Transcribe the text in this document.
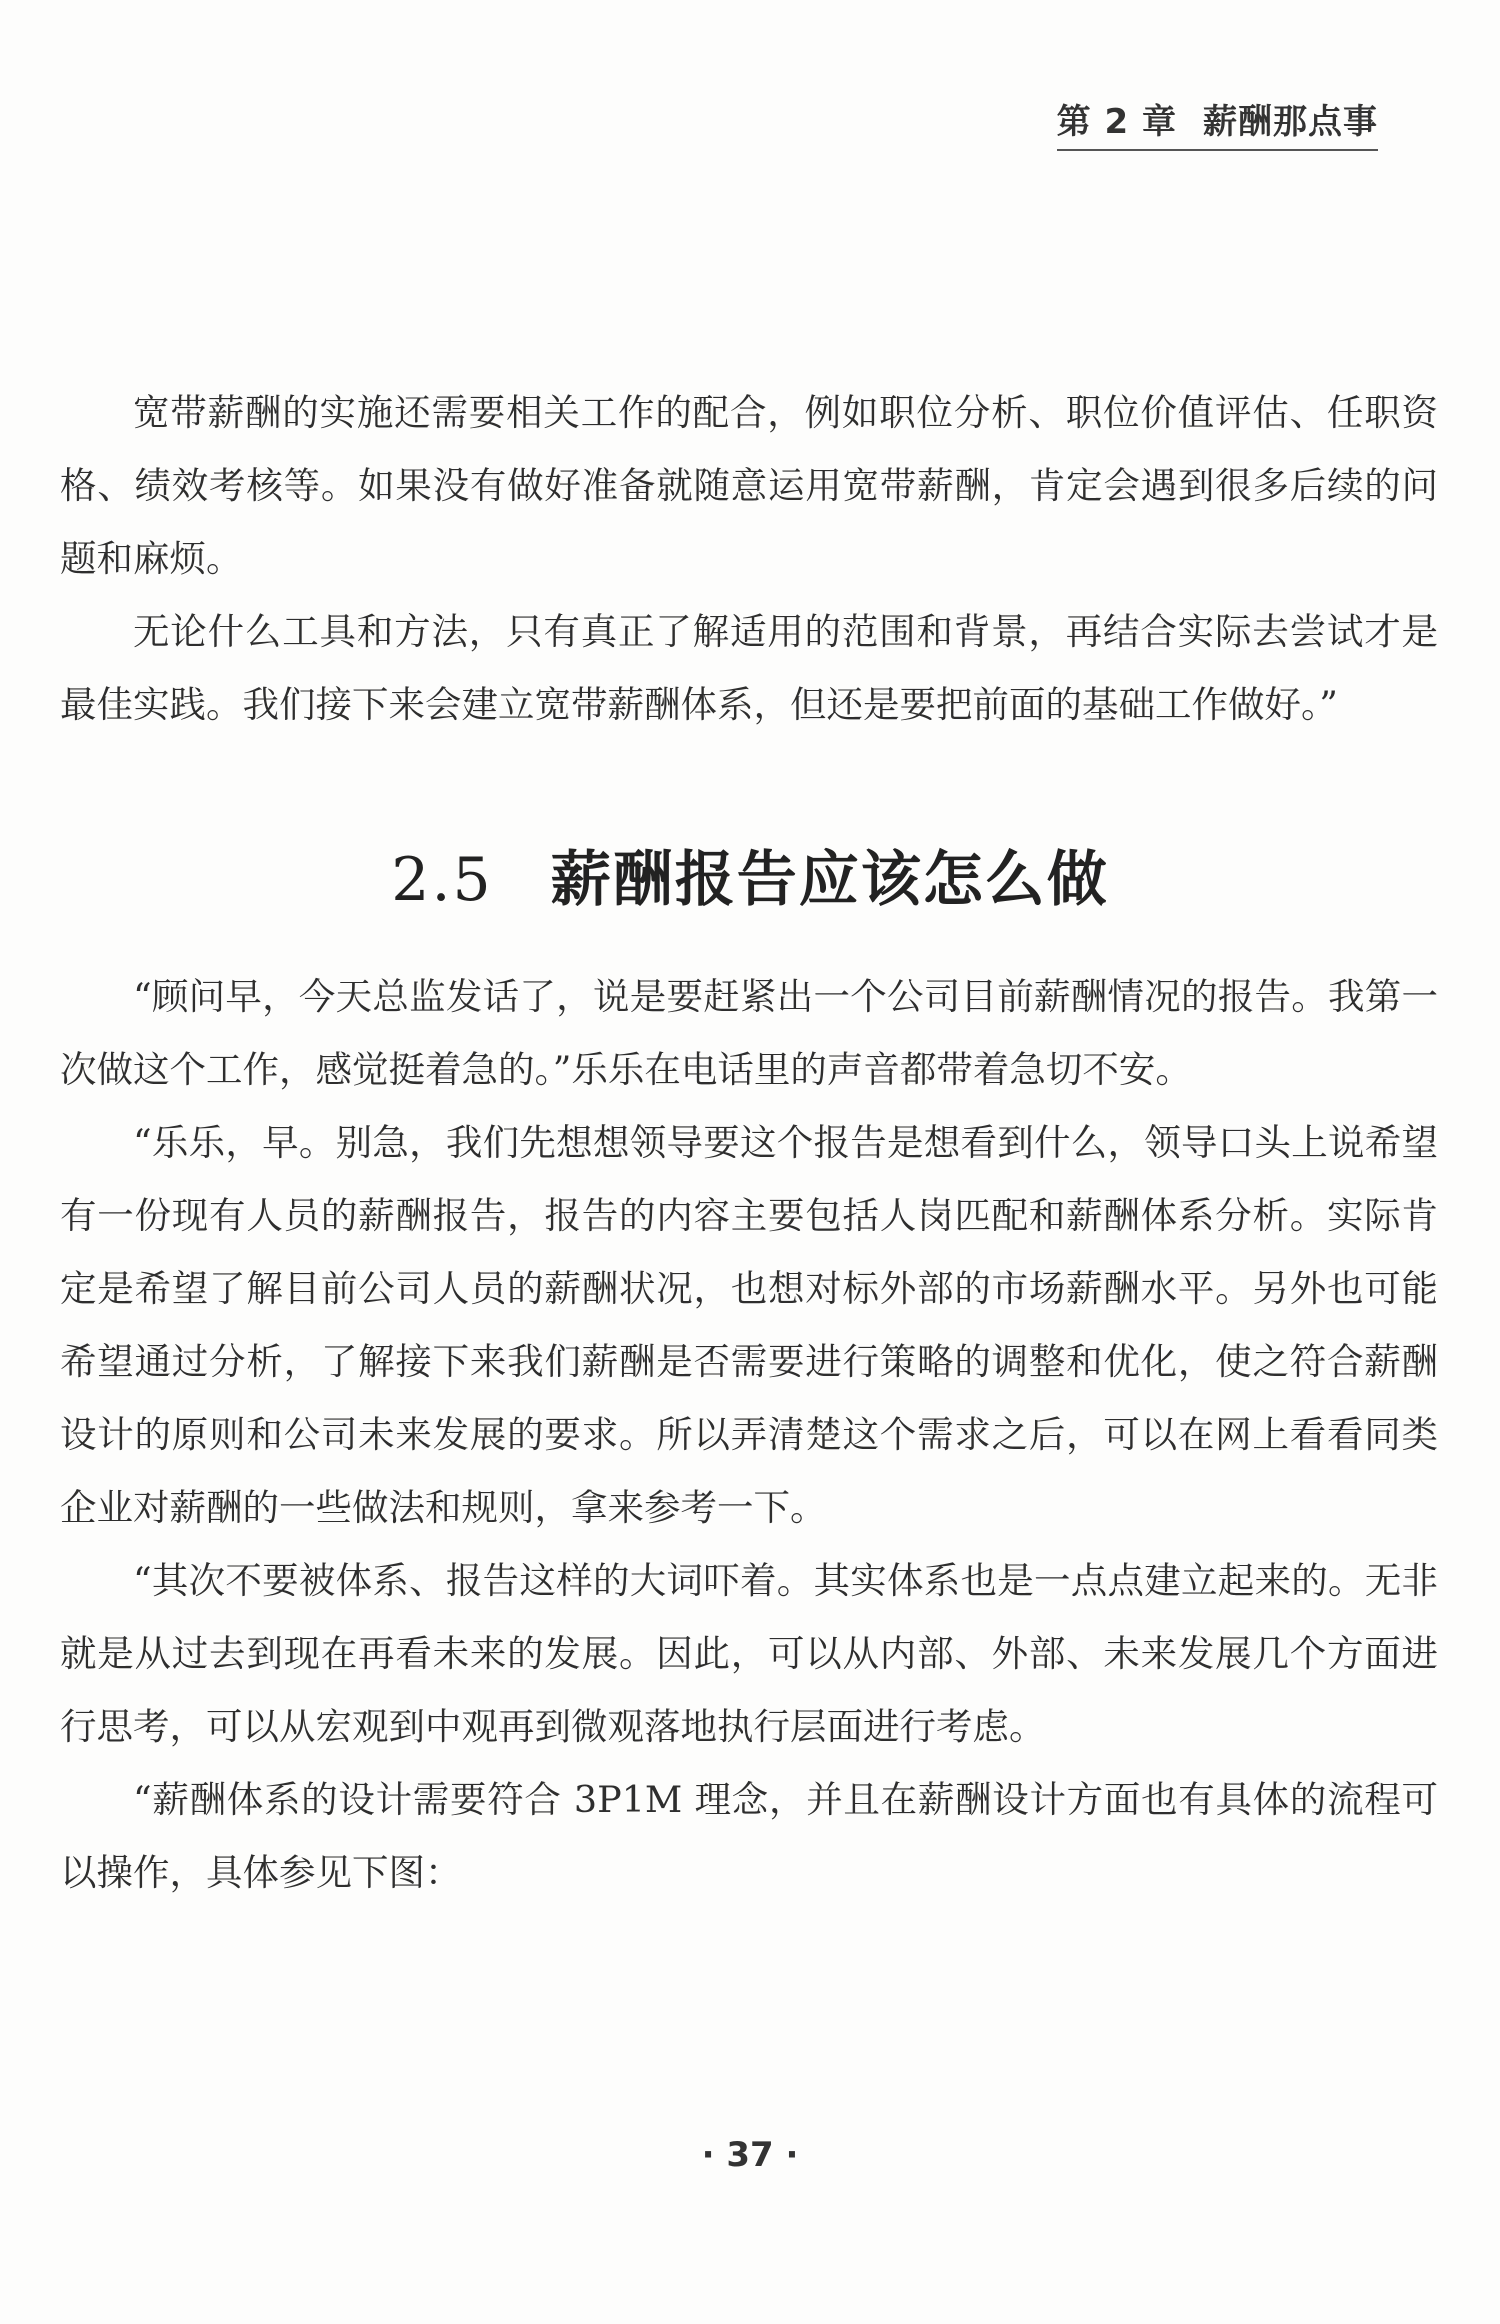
第 2 章 薪酬那点事

宽带薪酬的实施还需要相关工作的配合，例如职位分析、职位价值评估、任职资格、绩效考核等。如果没有做好准备就随意运用宽带薪酬，肯定会遇到很多后续的问题和麻烦。

无论什么工具和方法，只有真正了解适用的范围和背景，再结合实际去尝试才是最佳实践。我们接下来会建立宽带薪酬体系，但还是要把前面的基础工作做好。”

2.5 薪酬报告应该怎么做

“顾问早，今天总监发话了，说是要赶紧出一个公司目前薪酬情况的报告。我第一次做这个工作，感觉挺着急的。”乐乐在电话里的声音都带着急切不安。

“乐乐，早。别急，我们先想想领导要这个报告是想看到什么，领导口头上说希望有一份现有人员的薪酬报告，报告的内容主要包括人岗匹配和薪酬体系分析。实际肯定是希望了解目前公司人员的薪酬状况，也想对标外部的市场薪酬水平。另外也可能希望通过分析，了解接下来我们薪酬是否需要进行策略的调整和优化，使之符合薪酬设计的原则和公司未来发展的要求。所以弄清楚这个需求之后，可以在网上看看同类企业对薪酬的一些做法和规则，拿来参考一下。

“其次不要被体系、报告这样的大词吓着。其实体系也是一点点建立起来的。无非就是从过去到现在再看未来的发展。因此，可以从内部、外部、未来发展几个方面进行思考，可以从宏观到中观再到微观落地执行层面进行考虑。

“薪酬体系的设计需要符合 3P1M 理念，并且在薪酬设计方面也有具体的流程可以操作，具体参见下图：

· 37 ·
